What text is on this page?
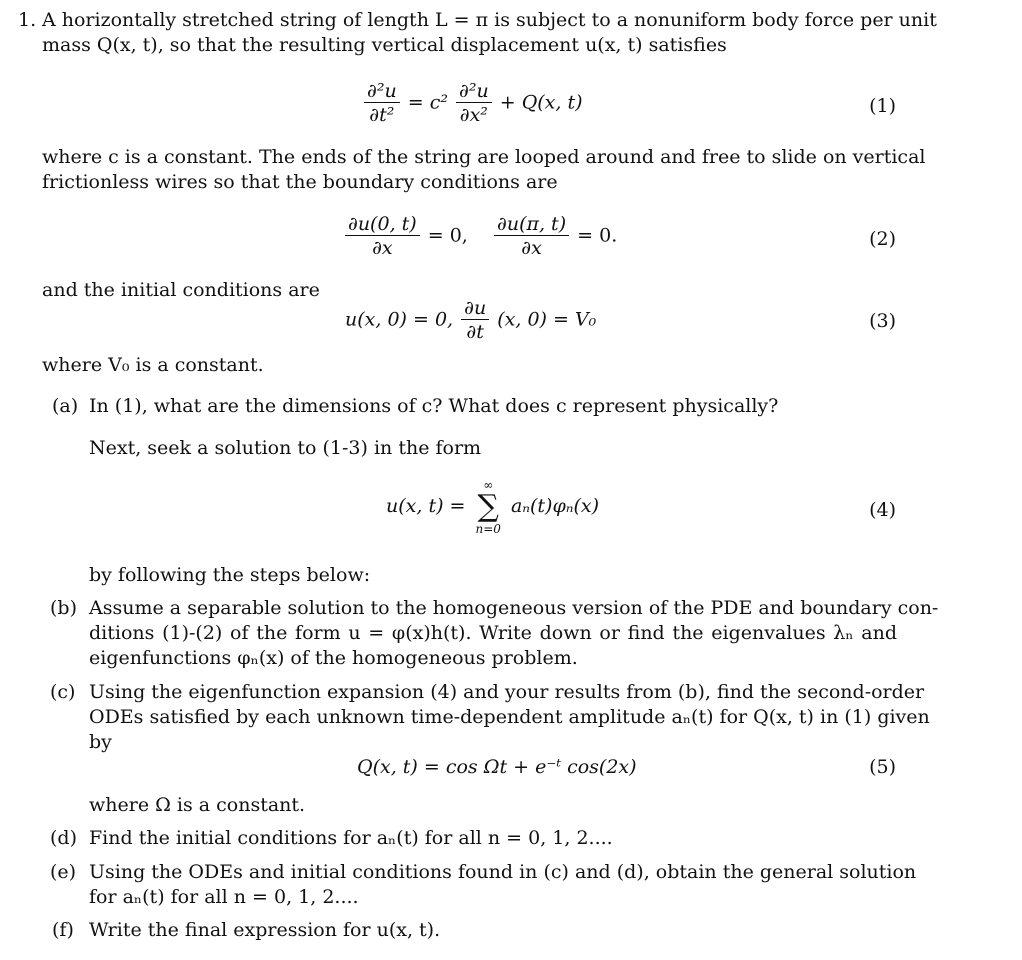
1. A horizontally stretched string of length L = π is subject to a nonuniform body force per unit
mass Q(x, t), so that the resulting vertical displacement u(x, t) satisfies
$\frac{\text{∂²u}}{\text{∂t²}} = c^2 \frac{\text{∂²u}}{\text{∂x²}} + Q(x$, t)	(1)
where c is a constant. The ends of the string are looped around and free to slide on vertical
frictionless wires so that the boundary conditions are
$\frac{\partial u(0, t)}{\partial x} = 0$, $\frac{\partial u(\pi, t)}{\partial x} = 0$.	(2)
and the initial conditions are
u(x, 0) = 0, $\frac{\partial u}{\partial t} (x$, 0) = V₀	(3)
where V₀ is a constant.
(a) In (1), what are the dimensions of c? What does c represent physically?
Next, seek a solution to (1-3) in the form
u(x, t) =
∞
∑
n=0
aₙ(t)φₙ(x)	(4)
by following the steps below:
(b) Assume a separable solution to the homogeneous version of the PDE and boundary con-
ditions (1)-(2) of the form u = φ(x)h(t). Write down or find the eigenvalues λₙ and
eigenfunctions φₙ(x) of the homogeneous problem.
(c) Using the eigenfunction expansion (4) and your results from (b), find the second-order
ODEs satisfied by each unknown time-dependent amplitude aₙ(t) for Q(x, t) in (1) given
by
Q(x, t) = cos Ωt + e⁻ᵗ cos(2x)	(5)
where Ω is a constant.
(d) Find the initial conditions for aₙ(t) for all n = 0, 1, 2....
(e) Using the ODEs and initial conditions found in (c) and (d), obtain the general solution
for aₙ(t) for all n = 0, 1, 2....
(f) Write the final expression for u(x, t).
